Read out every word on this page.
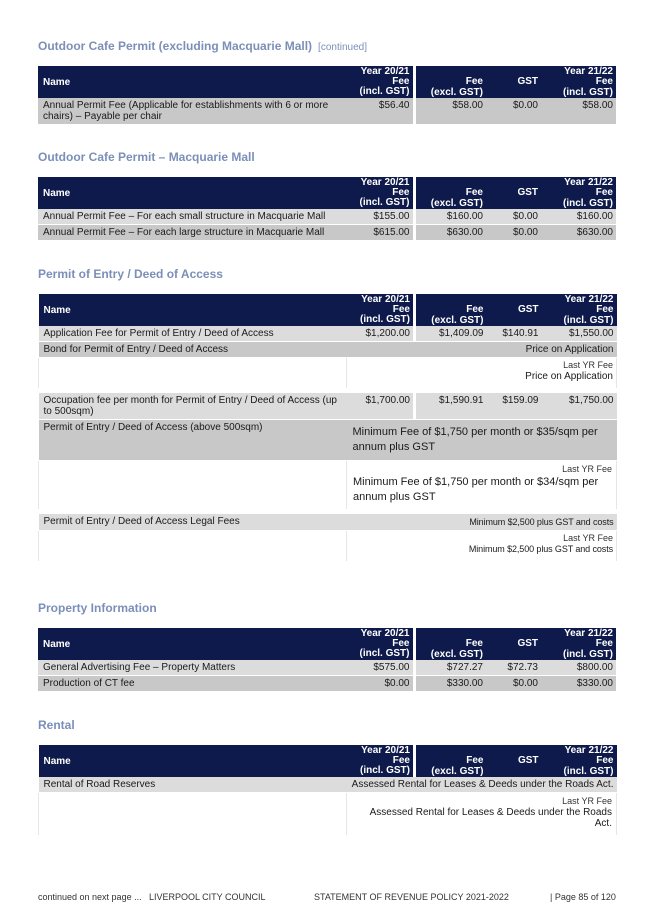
Outdoor Cafe Permit (excluding Macquarie Mall) [continued]
Name	Year 20/21			Year 21/22
	Fee	Fee	GST	Fee
	(incl. GST)	(excl. GST)		(incl. GST)
Annual Permit Fee (Applicable for establishments with 6 or more chairs) – Payable per chair	$56.40	$58.00	$0.00	$58.00
Outdoor Cafe Permit – Macquarie Mall
Name	Year 20/21			Year 21/22
	Fee	Fee	GST	Fee
	(incl. GST)	(excl. GST)		(incl. GST)
Annual Permit Fee – For each small structure in Macquarie Mall	$155.00	$160.00	$0.00	$160.00
Annual Permit Fee – For each large structure in Macquarie Mall	$615.00	$630.00	$0.00	$630.00
Permit of Entry / Deed of Access
Name	Year 20/21			Year 21/22
	Fee	Fee	GST	Fee
	(incl. GST)	(excl. GST)		(incl. GST)
Application Fee for Permit of Entry / Deed of Access	$1,200.00	$1,409.09	$140.91	$1,550.00
Bond for Permit of Entry / Deed of Access	Price on Application			

	Last YR Fee
Price on Application			

Occupation fee per month for Permit of Entry / Deed of Access (up to 500sqm)	$1,700.00	$1,590.91	$159.09	$1,750.00
Permit of Entry / Deed of Access (above 500sqm)	Minimum Fee of $1,750 per month or $35/sqm per annum plus GST			

	Last YR Fee
Minimum Fee of $1,750 per month or $34/sqm per annum plus GST			

Permit of Entry / Deed of Access Legal Fees	Minimum $2,500 plus GST and costs			

	Last YR Fee
Minimum $2,500 plus GST and costs			
Property Information
Name	Year 20/21			Year 21/22
	Fee	Fee	GST	Fee
	(incl. GST)	(excl. GST)		(incl. GST)
General Advertising Fee – Property Matters	$575.00	$727.27	$72.73	$800.00
Production of CT fee	$0.00	$330.00	$0.00	$330.00
Rental
Name	Year 20/21			Year 21/22
	Fee	Fee	GST	Fee
	(incl. GST)	(excl. GST)		(incl. GST)
Rental of Road Reserves	Assessed Rental for Leases & Deeds under the Roads Act.			

	Last YR Fee
Assessed Rental for Leases & Deeds under the Roads Act.			
continued on next page ... LIVERPOOL CITY COUNCIL	STATEMENT OF REVENUE POLICY 2021-2022	| Page 85 of 120
